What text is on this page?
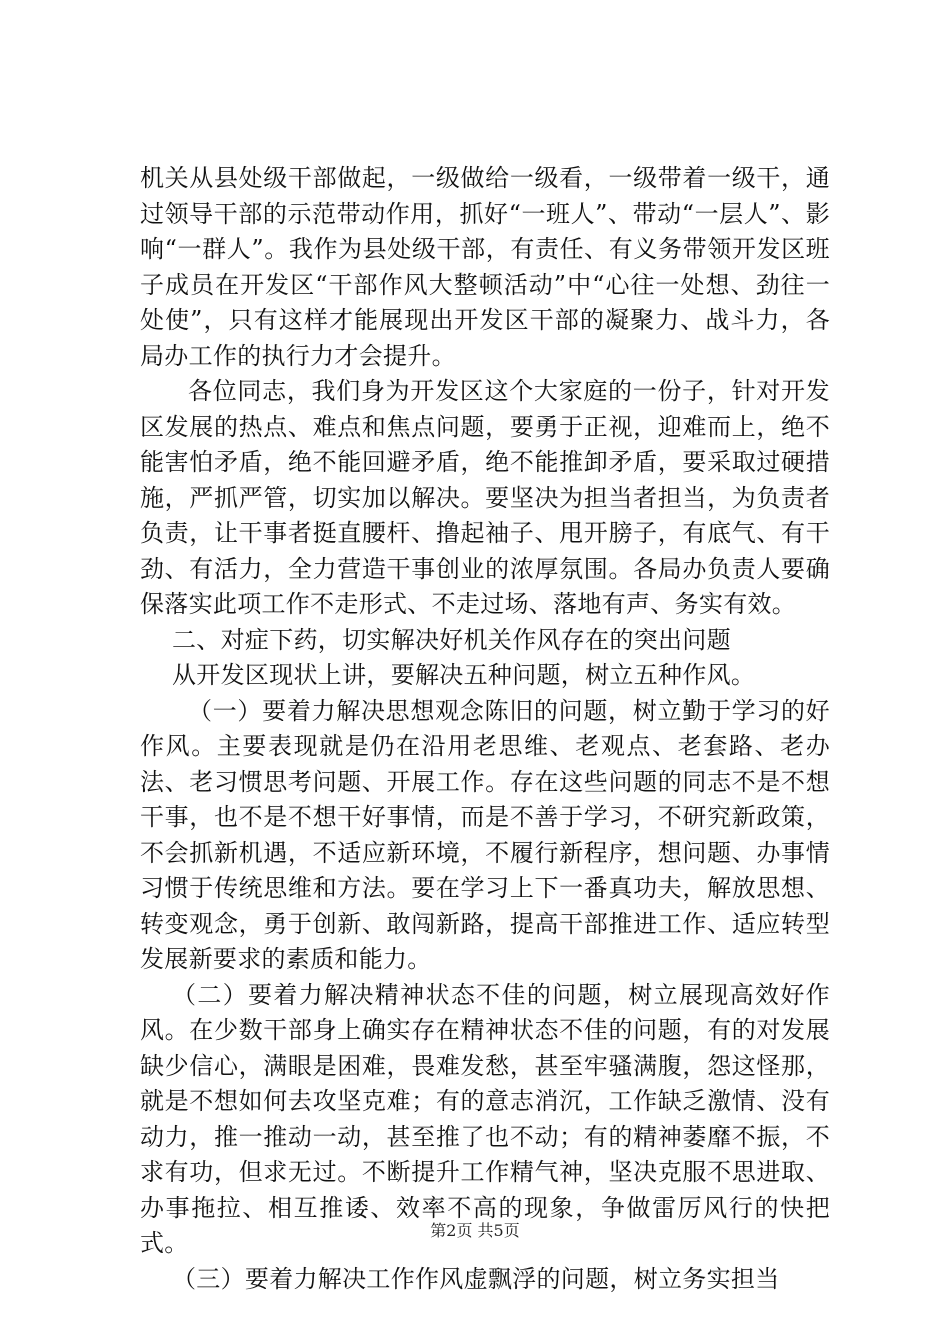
机关从县处级干部做起，一级做给一级看，一级带着一级干，通过领导干部的示范带动作用，抓好“一班人”、带动“一层人”、影响“一群人”。我作为县处级干部，有责任、有义务带领开发区班子成员在开发区“干部作风大整顿活动”中“心往一处想、劲往一处使”，只有这样才能展现出开发区干部的凝聚力、战斗力，各局办工作的执行力才会提升。

各位同志，我们身为开发区这个大家庭的一份子，针对开发区发展的热点、难点和焦点问题，要勇于正视，迎难而上，绝不能害怕矛盾，绝不能回避矛盾，绝不能推卸矛盾，要采取过硬措施，严抓严管，切实加以解决。要坚决为担当者担当，为负责者负责，让干事者挺直腰杆、撸起袖子、甩开膀子，有底气、有干劲、有活力，全力营造干事创业的浓厚氛围。各局办负责人要确保落实此项工作不走形式、不走过场、落地有声、务实有效。

二、对症下药，切实解决好机关作风存在的突出问题

从开发区现状上讲，要解决五种问题，树立五种作风。

（一）要着力解决思想观念陈旧的问题，树立勤于学习的好作风。主要表现就是仍在沿用老思维、老观点、老套路、老办法、老习惯思考问题、开展工作。存在这些问题的同志不是不想干事，也不是不想干好事情，而是不善于学习，不研究新政策，不会抓新机遇，不适应新环境，不履行新程序，想问题、办事情习惯于传统思维和方法。要在学习上下一番真功夫，解放思想、转变观念，勇于创新、敢闯新路，提高干部推进工作、适应转型发展新要求的素质和能力。

（二）要着力解决精神状态不佳的问题，树立展现高效好作风。在少数干部身上确实存在精神状态不佳的问题，有的对发展缺少信心，满眼是困难，畏难发愁，甚至牢骚满腹，怨这怪那，就是不想如何去攻坚克难；有的意志消沉，工作缺乏激情、没有动力，推一推动一动，甚至推了也不动；有的精神萎靡不振，不求有功，但求无过。不断提升工作精气神，坚决克服不思进取、办事拖拉、相互推诿、效率不高的现象，争做雷厉风行的快把式。

（三）要着力解决工作作风虚飘浮的问题，树立务实担当

第2页 共5页
